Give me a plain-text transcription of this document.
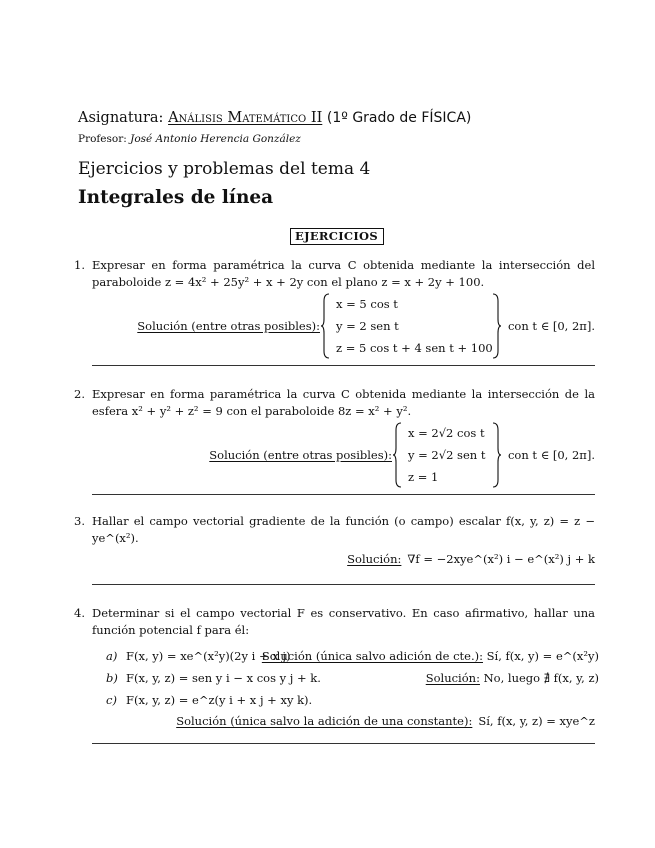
Asignatura: Análisis Matemático II (1º Grado de FÍSICA)
Profesor: José Antonio Herencia González
Ejercicios y problemas del tema 4
Integrales de línea
EJERCICIOS
1. Expresar en forma paramétrica la curva C obtenida mediante la intersección del paraboloide z = 4x² + 25y² + x + 2y con el plano z = x + 2y + 100.
Solución (entre otras posibles):
x = 5 cos t
y = 2 sen t
z = 5 cos t + 4 sen t + 100
con t ∈ [0, 2π].
2. Expresar en forma paramétrica la curva C obtenida mediante la intersección de la esfera x² + y² + z² = 9 con el paraboloide 8z = x² + y².
Solución (entre otras posibles):
x = 2√2 cos t
y = 2√2 sen t
z = 1
con t ∈ [0, 2π].
3. Hallar el campo vectorial gradiente de la función (o campo) escalar f(x, y, z) = z − ye^(x²).
Solución: ∇f = −2xye^(x²) i − e^(x²) j + k
4. Determinar si el campo vectorial F es conservativo. En caso afirmativo, hallar una función potencial f para él:
a) F(x, y) = xe^(x²y)(2y i + x j)
Solución (única salvo adición de cte.): Sí, f(x, y) = e^(x²y)
b) F(x, y, z) = sen y i − x cos y j + k.	Solución: No, luego ∄ f(x, y, z)
c) F(x, y, z) = e^z(y i + x j + xy k).
Solución (única salvo la adición de una constante): Sí, f(x, y, z) = xye^z
